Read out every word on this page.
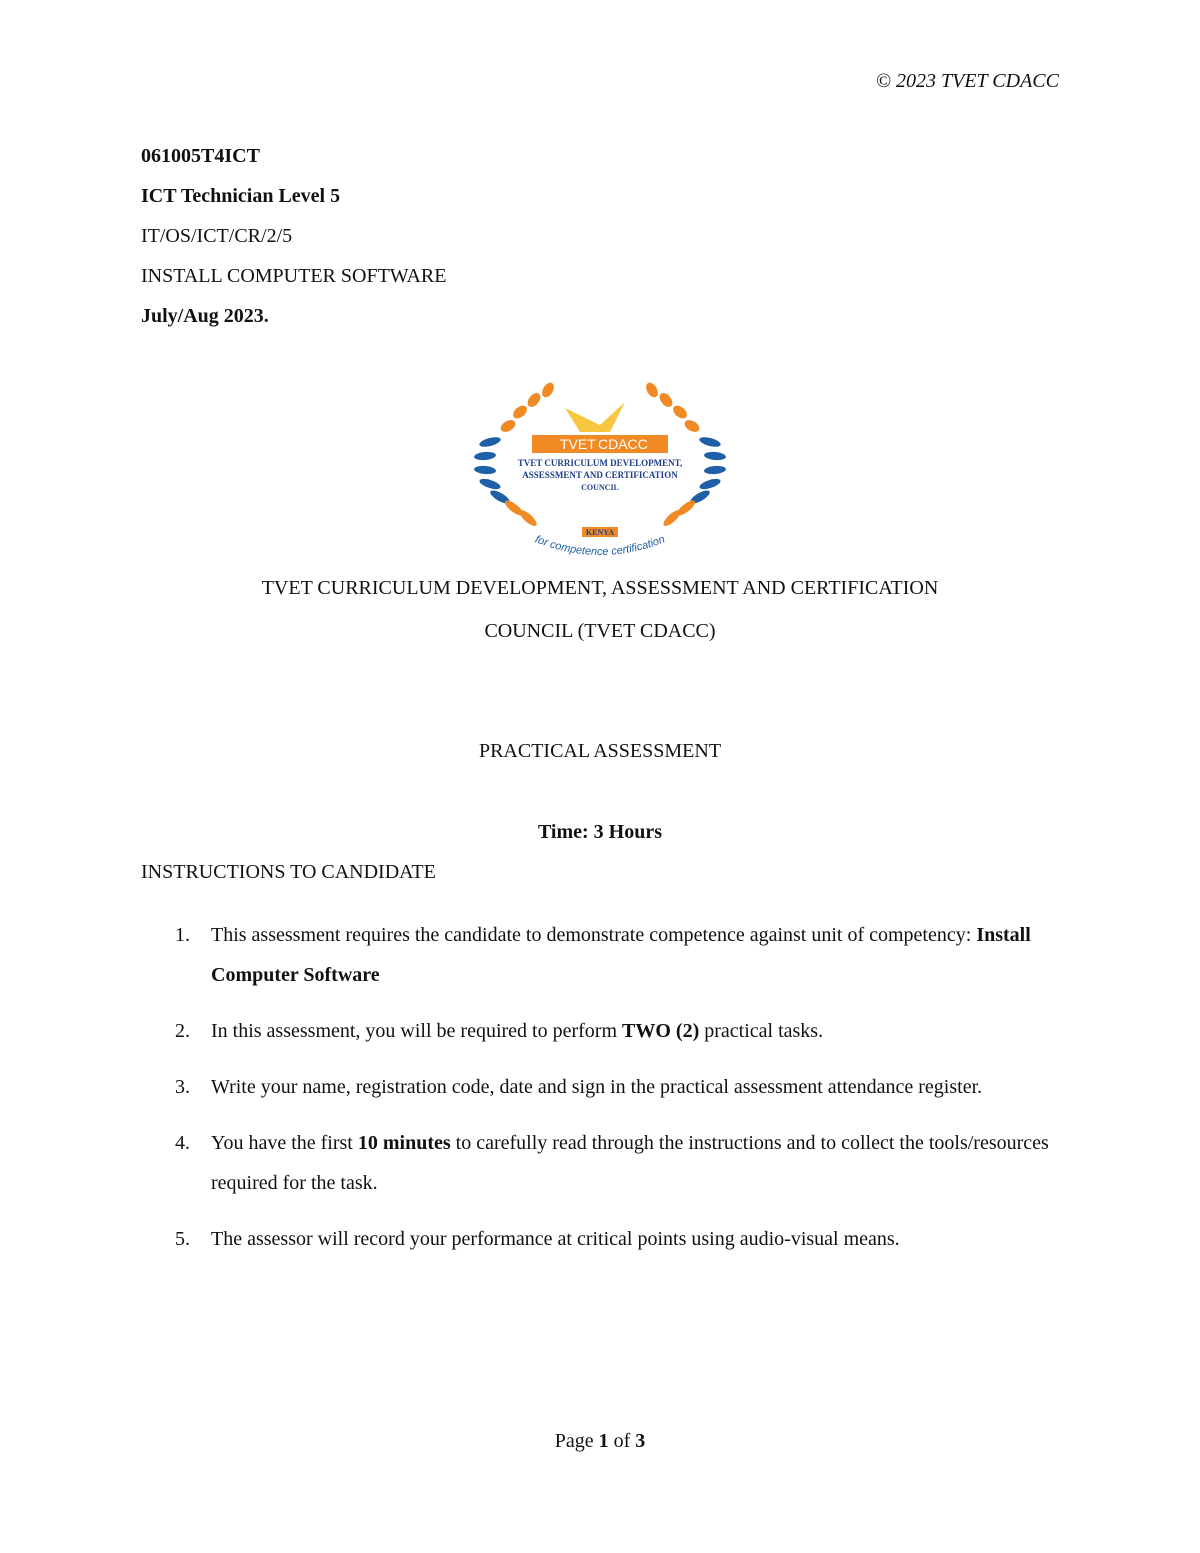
© 2023 TVET CDACC
061005T4ICT
ICT Technician Level 5
IT/OS/ICT/CR/2/5
INSTALL COMPUTER SOFTWARE
July/Aug 2023.
TVET CDACC
TVET CURRICULUM DEVELOPMENT,
ASSESSMENT AND CERTIFICATION
COUNCIL
KENYA
for competence certification
TVET CURRICULUM DEVELOPMENT, ASSESSMENT AND CERTIFICATION
COUNCIL (TVET CDACC)
PRACTICAL ASSESSMENT
Time: 3 Hours
INSTRUCTIONS TO CANDIDATE
1. This assessment requires the candidate to demonstrate competence against unit of competency: Install Computer Software
2. In this assessment, you will be required to perform TWO (2) practical tasks.
3. Write your name, registration code, date and sign in the practical assessment attendance register.
4. You have the first 10 minutes to carefully read through the instructions and to collect the tools/resources required for the task.
5. The assessor will record your performance at critical points using audio-visual means.
Page 1 of 3
